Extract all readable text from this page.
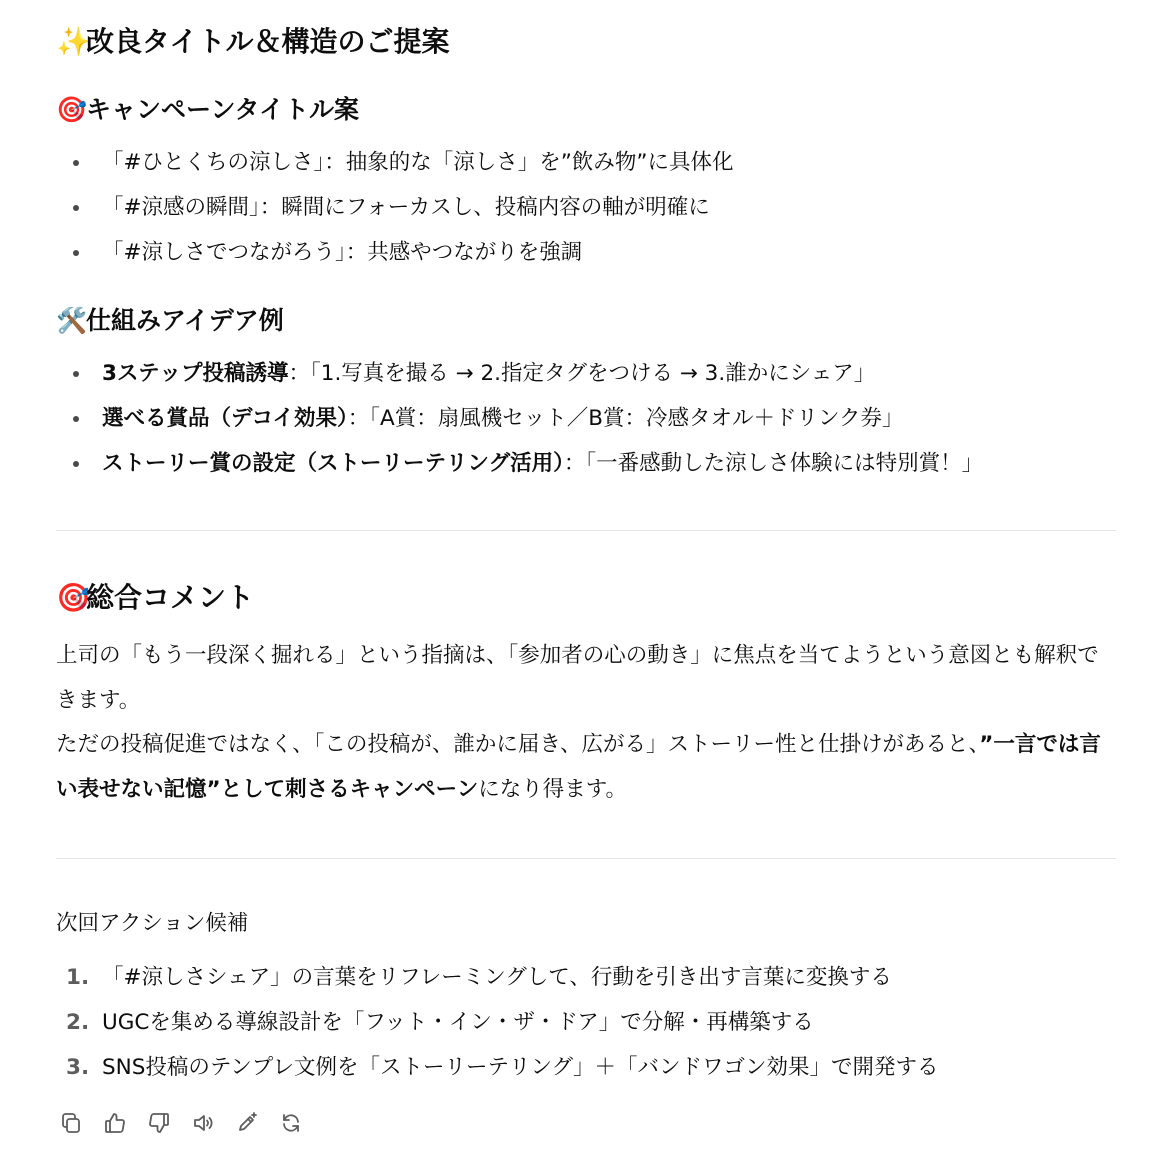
✨改良タイトル＆構造のご提案
🎯キャンペーンタイトル案
「#ひとくちの涼しさ」：抽象的な「涼しさ」を”飲み物”に具体化
「#涼感の瞬間」：瞬間にフォーカスし、投稿内容の軸が明確に
「#涼しさでつながろう」：共感やつながりを強調
🛠️仕組みアイデア例
3ステップ投稿誘導：「1.写真を撮る → 2.指定タグをつける → 3.誰かにシェア」
選べる賞品（デコイ効果）：「A賞：扇風機セット／B賞：冷感タオル＋ドリンク券」
ストーリー賞の設定（ストーリーテリング活用）：「一番感動した涼しさ体験には特別賞！」
🎯総合コメント

上司の「もう一段深く掘れる」という指摘は、「参加者の心の動き」に焦点を当てようという意図とも解釈できます。

ただの投稿促進ではなく、「この投稿が、誰かに届き、広がる」ストーリー性と仕掛けがあると、”一言では言い表せない記憶”として刺さるキャンペーンになり得ます。

次回アクション候補
1. 「#涼しさシェア」の言葉をリフレーミングして、行動を引き出す言葉に変換する
2. UGCを集める導線設計を「フット・イン・ザ・ドア」で分解・再構築する
3. SNS投稿のテンプレ文例を「ストーリーテリング」＋「バンドワゴン効果」で開発する
